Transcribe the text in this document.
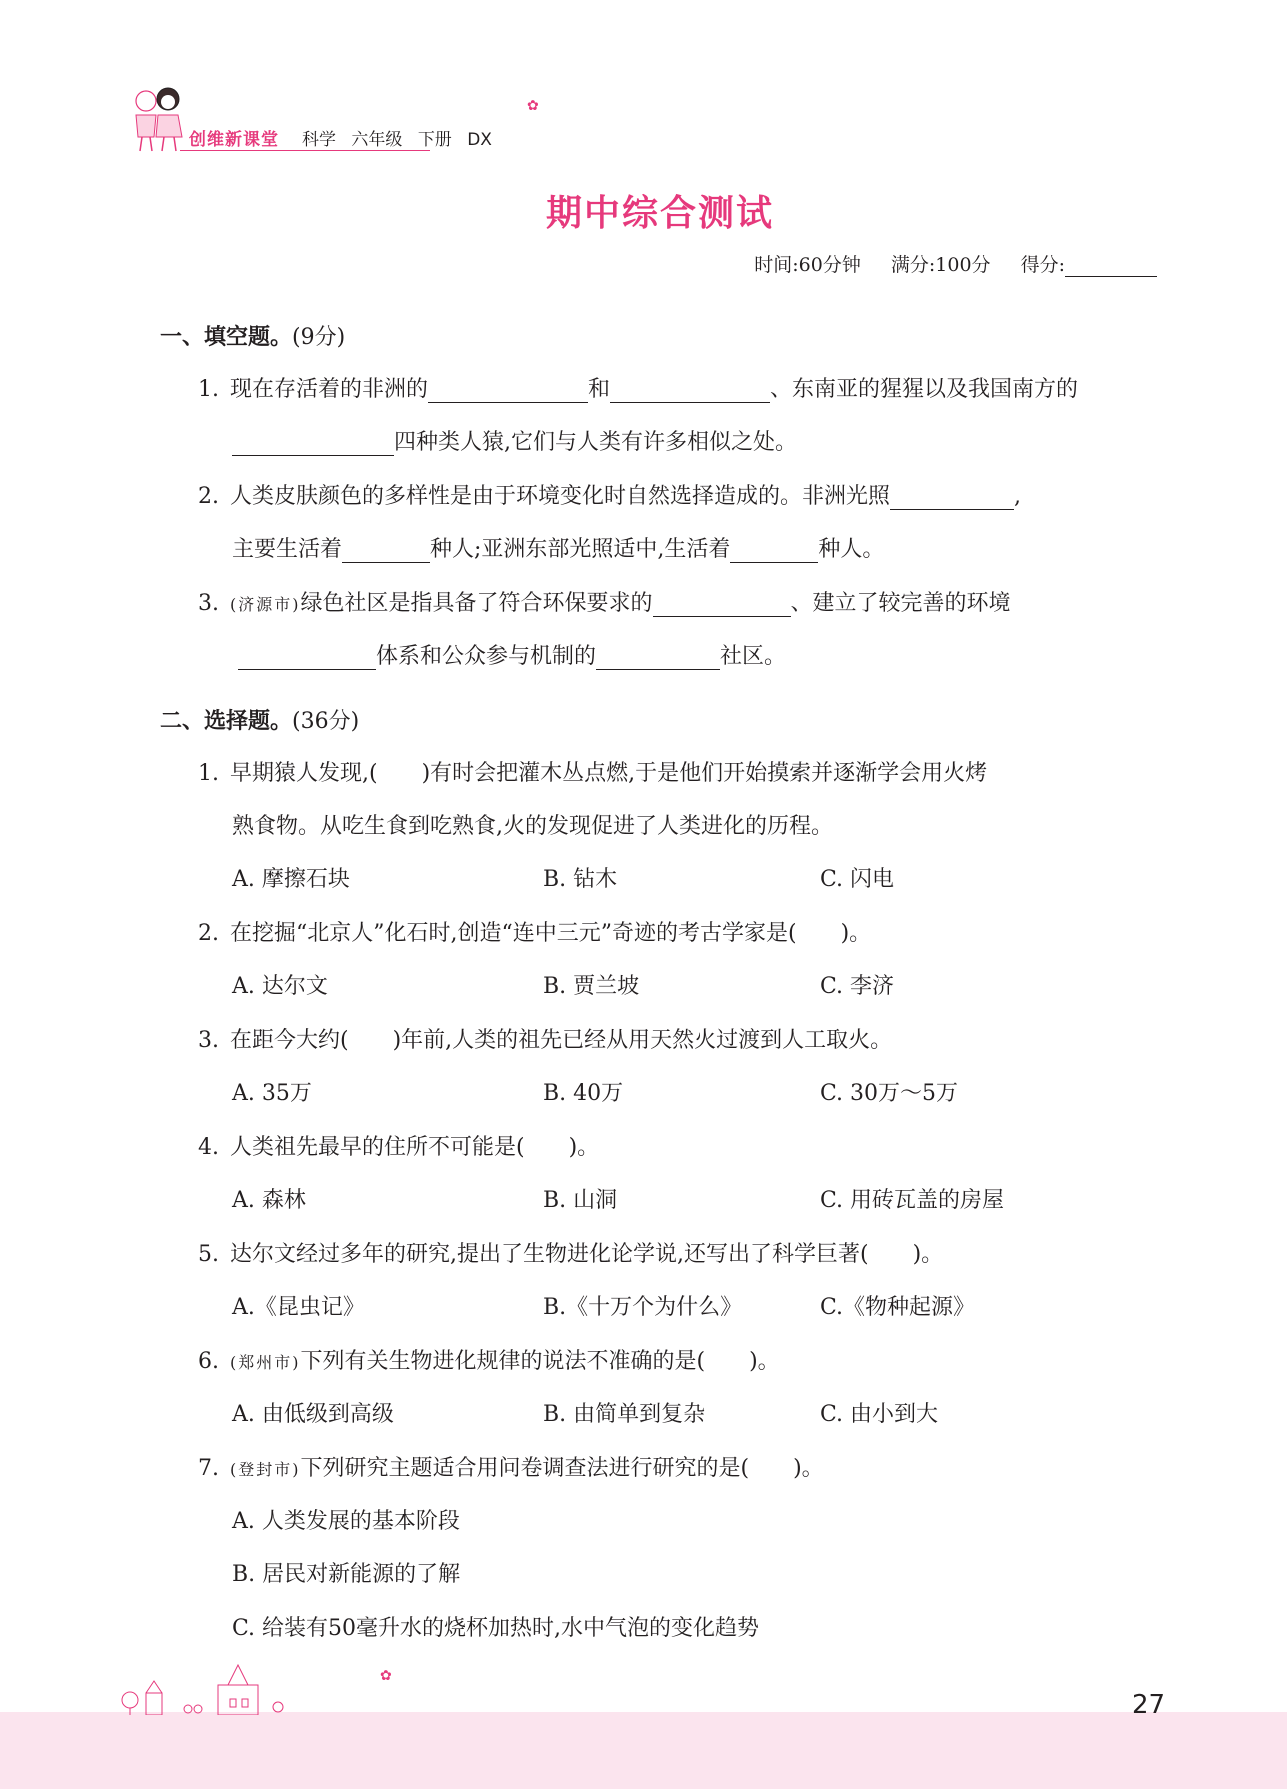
创维新课堂 科学 六年级 下册 DX
✿
期中综合测试
时间:60分钟 满分:100分 得分:
一、填空题。(9分)
1. 现在存活着的非洲的	和	、东南亚的猩猩以及我国南方的
四种类人猿,它们与人类有许多相似之处。
2. 人类皮肤颜色的多样性是由于环境变化时自然选择造成的。非洲光照	,
主要生活着	种人;亚洲东部光照适中,生活着	种人。
3. (济源市)绿色社区是指具备了符合环保要求的	、建立了较完善的环境
体系和公众参与机制的	社区。
二、选择题。(36分)
1. 早期猿人发现,(　　)有时会把灌木丛点燃,于是他们开始摸索并逐渐学会用火烤
熟食物。从吃生食到吃熟食,火的发现促进了人类进化的历程。
A. 摩擦石块	B. 钻木	C. 闪电
2. 在挖掘“北京人”化石时,创造“连中三元”奇迹的考古学家是(　　)。
A. 达尔文	B. 贾兰坡	C. 李济
3. 在距今大约(　　)年前,人类的祖先已经从用天然火过渡到人工取火。
A. 35万	B. 40万	C. 30万～5万
4. 人类祖先最早的住所不可能是(　　)。
A. 森林	B. 山洞	C. 用砖瓦盖的房屋
5. 达尔文经过多年的研究,提出了生物进化论学说,还写出了科学巨著(　　)。
A.《昆虫记》	B.《十万个为什么》	C.《物种起源》
6. (郑州市)下列有关生物进化规律的说法不准确的是(　　)。
A. 由低级到高级	B. 由简单到复杂	C. 由小到大
7. (登封市)下列研究主题适合用问卷调查法进行研究的是(　　)。
A. 人类发展的基本阶段
B. 居民对新能源的了解
C. 给装有50毫升水的烧杯加热时,水中气泡的变化趋势
✿
27
